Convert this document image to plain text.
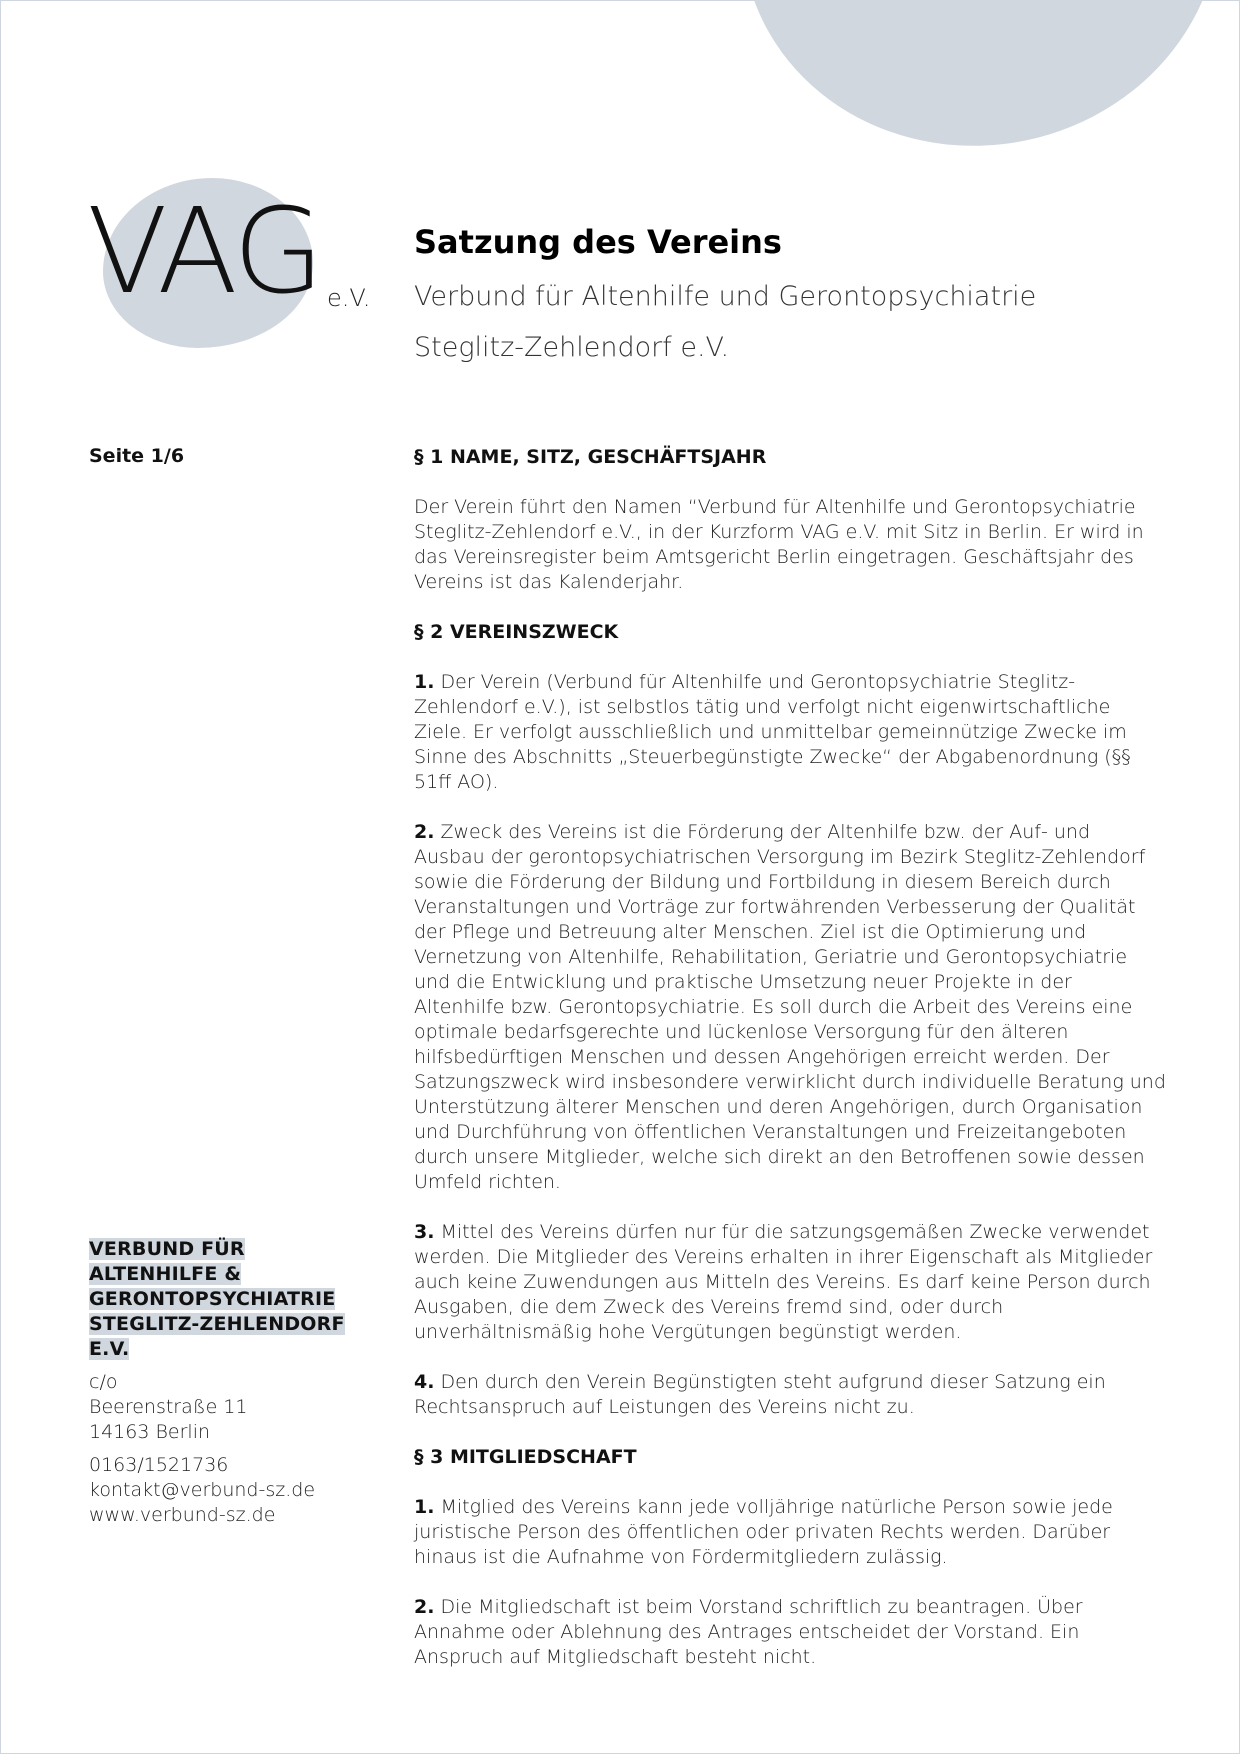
VAG e.V.
Satzung des Vereins
Verbund für Altenhilfe und Gerontopsychiatrie
Steglitz-Zehlendorf e.V.
Seite 1/6
VERBUND FÜR
ALTENHILFE &
GERONTOPSYCHIATRIE
STEGLITZ-ZEHLENDORF
E.V.
c/o
Beerenstraße 11
14163 Berlin
0163/1521736
kontakt@verbund-sz.de
www.verbund-sz.de
§ 1 NAME, SITZ, GESCHÄFTSJAHR

Der Verein führt den Namen “Verbund für Altenhilfe und Gerontopsychiatrie Steglitz-Zehlendorf e.V., in der Kurzform VAG e.V. mit Sitz in Berlin. Er wird in das Vereinsregister beim Amtsgericht Berlin eingetragen. Geschäftsjahr des Vereins ist das Kalenderjahr.

§ 2 VEREINSZWECK

1. Der Verein (Verbund für Altenhilfe und Gerontopsychiatrie Steglitz-Zehlendorf e.V.), ist selbstlos tätig und verfolgt nicht eigenwirtschaftliche Ziele. Er verfolgt ausschließlich und unmittelbar gemeinnützige Zwecke im Sinne des Abschnitts „Steuerbegünstigte Zwecke“ der Abgabenordnung (§§ 51ff AO).

2. Zweck des Vereins ist die Förderung der Altenhilfe bzw. der Auf- und Ausbau der gerontopsychiatrischen Versorgung im Bezirk Steglitz-Zehlendorf sowie die Förderung der Bildung und Fortbildung in diesem Bereich durch Veranstaltungen und Vorträge zur fortwährenden Verbesserung der Qualität der Pflege und Betreuung alter Menschen. Ziel ist die Optimierung und Vernetzung von Altenhilfe, Rehabilitation, Geriatrie und Gerontopsychiatrie und die Entwicklung und praktische Umsetzung neuer Projekte in der Altenhilfe bzw. Gerontopsychiatrie. Es soll durch die Arbeit des Vereins eine optimale bedarfsgerechte und lückenlose Versorgung für den älteren hilfsbedürftigen Menschen und dessen Angehörigen erreicht werden. Der Satzungszweck wird insbesondere verwirklicht durch individuelle Beratung und Unterstützung älterer Menschen und deren Angehörigen, durch Organisation und Durchführung von öffentlichen Veranstaltungen und Freizeitangeboten durch unsere Mitglieder, welche sich direkt an den Betroffenen sowie dessen Umfeld richten.

3. Mittel des Vereins dürfen nur für die satzungsgemäßen Zwecke verwendet werden. Die Mitglieder des Vereins erhalten in ihrer Eigenschaft als Mitglieder auch keine Zuwendungen aus Mitteln des Vereins. Es darf keine Person durch Ausgaben, die dem Zweck des Vereins fremd sind, oder durch unverhältnismäßig hohe Vergütungen begünstigt werden.

4. Den durch den Verein Begünstigten steht aufgrund dieser Satzung ein Rechtsanspruch auf Leistungen des Vereins nicht zu.

§ 3 MITGLIEDSCHAFT

1. Mitglied des Vereins kann jede volljährige natürliche Person sowie jede juristische Person des öffentlichen oder privaten Rechts werden. Darüber hinaus ist die Aufnahme von Fördermitgliedern zulässig.

2. Die Mitgliedschaft ist beim Vorstand schriftlich zu beantragen. Über Annahme oder Ablehnung des Antrages entscheidet der Vorstand. Ein Anspruch auf Mitgliedschaft besteht nicht.
